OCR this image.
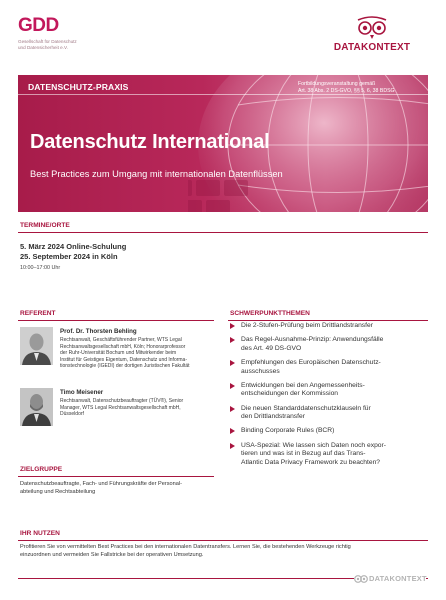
GDD
Gesellschaft für Datenschutz
und Datensicherheit e.V.	DATAKONTEXT
DATENSCHUTZ-PRAXIS	Fortbildungsveranstaltung gemäß
Art. 38 Abs. 2 DS-GVO, §§ 5, 6, 38 BDSG
Datenschutz International
Best Practices zum Umgang mit internationalen Datenflüssen
TERMINE/ORTE
5. März 2024 Online-Schulung
25. September 2024 in Köln
10:00–17:00 Uhr
REFERENT
Prof. Dr. Thorsten Behling
Rechtsanwalt, Geschäftsführender Partner, WTS Legal
Rechtsanwaltsgesellschaft mbH, Köln; Honorarprofessor
der Ruhr-Universität Bochum und Mitwirkender beim
Institut für Geistiges Eigentum, Datenschutz und Informa-
tionstechnologie (IGEDI) der dortigen Juristischen Fakultät
Timo Meisener
Rechtsanwalt, Datenschutzbeauftragter (TÜV®), Senior
Manager, WTS Legal Rechtsanwaltsgesellschaft mbH,
Düsseldorf
SCHWERPUNKTTHEMEN
Die 2-Stufen-Prüfung beim Drittlandstransfer
Das Regel-Ausnahme-Prinzip: Anwendungsfälle
des Art. 49 DS-GVO
Empfehlungen des Europäischen Datenschutz-
ausschusses
Entwicklungen bei den Angemessenheits-
entscheidungen der Kommission
Die neuen Standarddatenschutzklauseln für
den Drittlandstransfer
Binding Corporate Rules (BCR)
USA-Spezial: Wie lassen sich Daten noch expor-
tieren und was ist in Bezug auf das Trans-
Atlantic Data Privacy Framework zu beachten?
ZIELGRUPPE
Datenschutzbeauftragte, Fach- und Führungskräfte der Personal-
abteilung und Rechtsabteilung
IHR NUTZEN
Profitieren Sie von vermittelten Best Practices bei den internationalen Datentransfers. Lernen Sie, die bestehenden Werkzeuge richtig
einzuordnen und vermeiden Sie Fallstricke bei der operativen Umsetzung.
DATAKONTEXT
